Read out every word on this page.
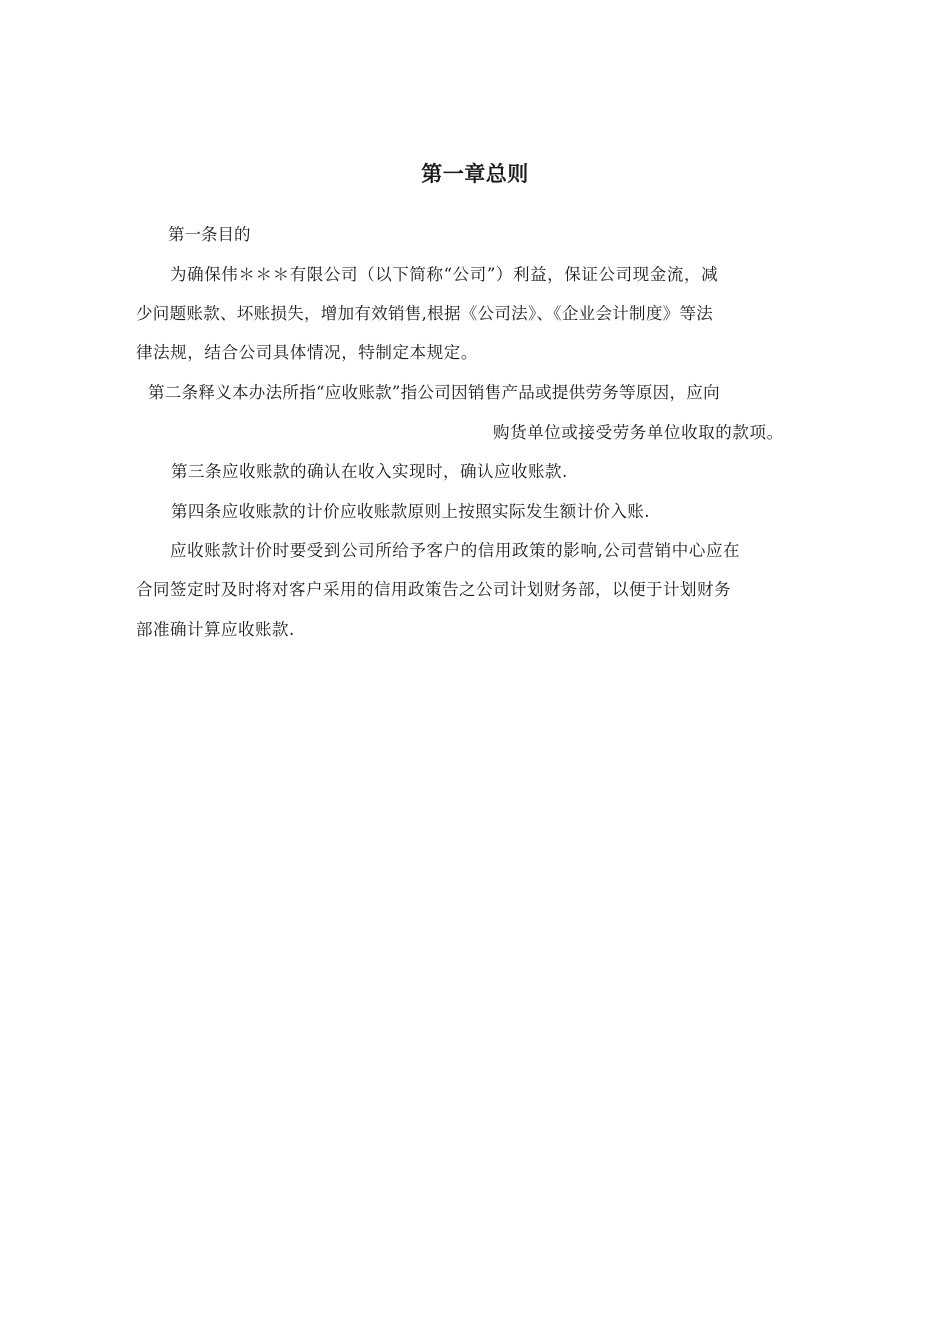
第一章总则

第一条目的

为确保伟＊＊＊有限公司（以下简称“公司”）利益，保证公司现金流，减

少问题账款、坏账损失，增加有效销售,根据《公司法》、《企业会计制度》等法

律法规，结合公司具体情况，特制定本规定。

第二条释义本办法所指“应收账款”指公司因销售产品或提供劳务等原因，应向

购货单位或接受劳务单位收取的款项。

第三条应收账款的确认在收入实现时，确认应收账款.

第四条应收账款的计价应收账款原则上按照实际发生额计价入账.

应收账款计价时要受到公司所给予客户的信用政策的影响,公司营销中心应在

合同签定时及时将对客户采用的信用政策告之公司计划财务部，以便于计划财务

部准确计算应收账款.
